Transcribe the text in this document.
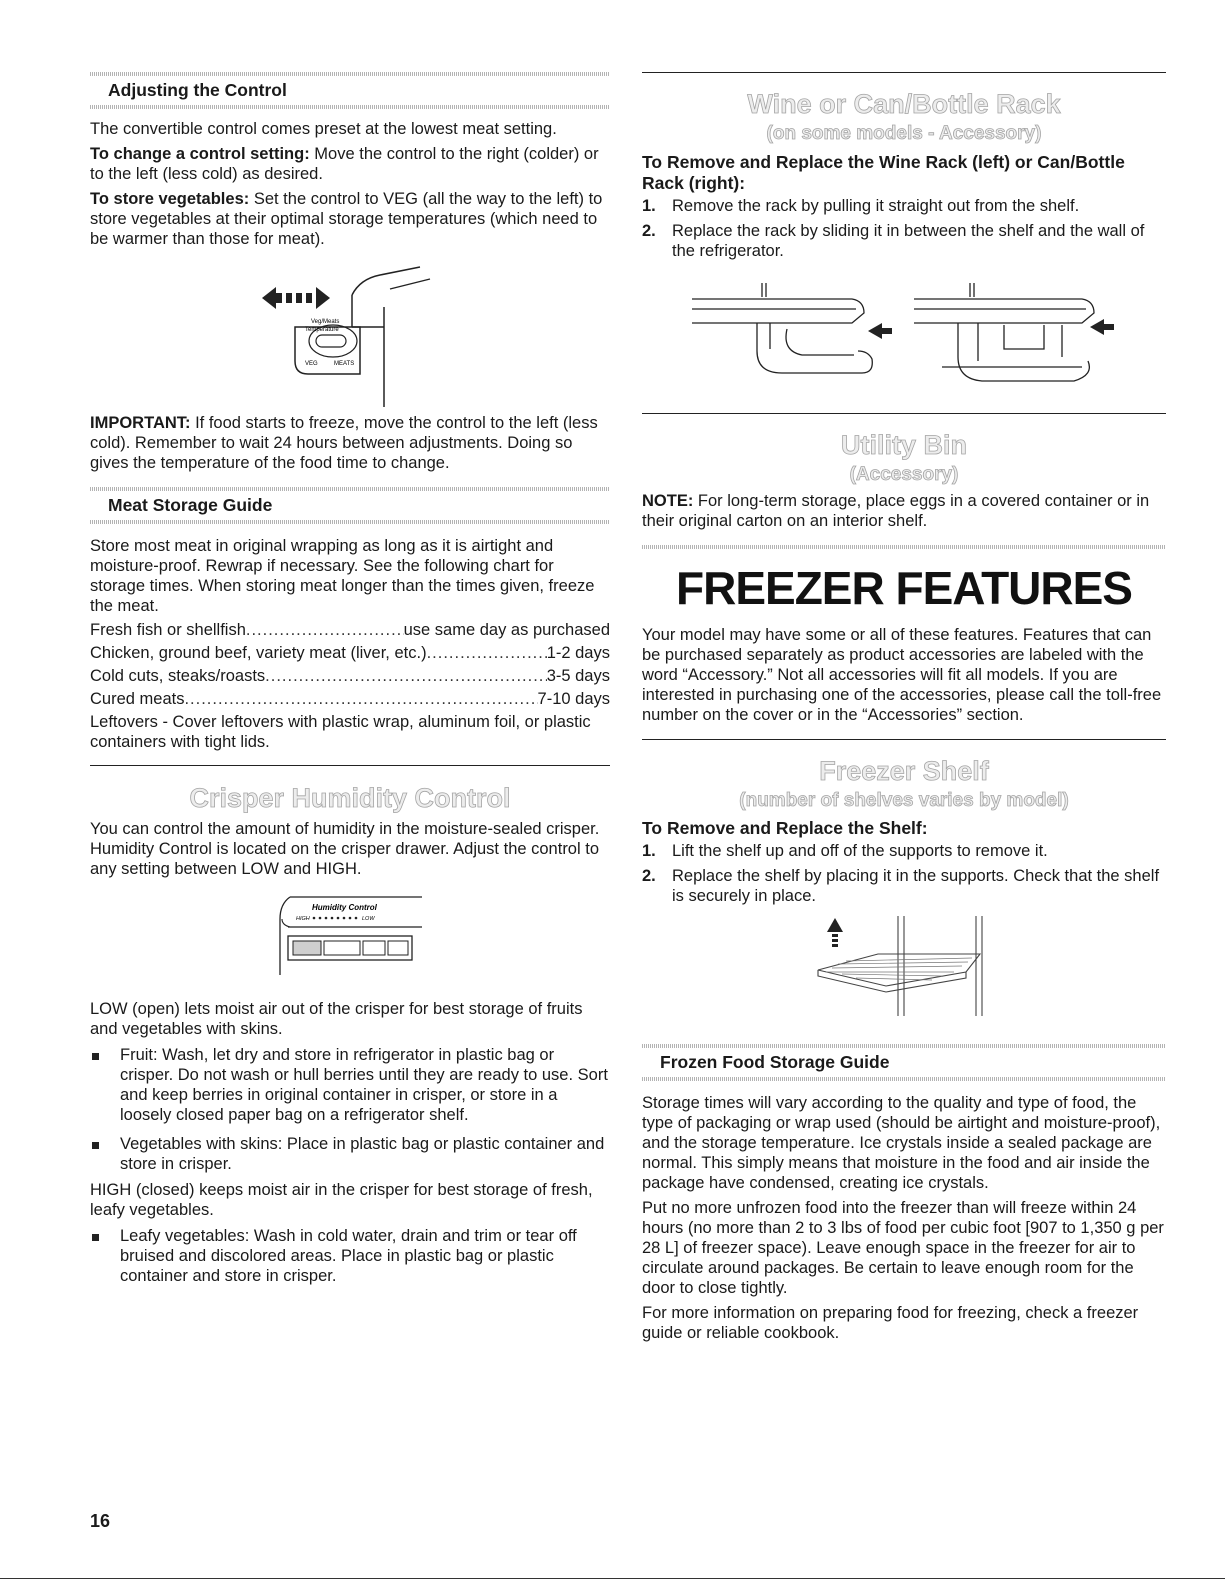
Adjusting the Control

The convertible control comes preset at the lowest meat setting.

To change a control setting: Move the control to the right (colder) or to the left (less cold) as desired.

To store vegetables: Set the control to VEG (all the way to the left) to store vegetables at their optimal storage temperatures (which need to be warmer than those for meat).

Veg/Meats
Temperature
VEG	MEATS

IMPORTANT: If food starts to freeze, move the control to the left (less cold). Remember to wait 24 hours between adjustments. Doing so gives the temperature of the food time to change.

Meat Storage Guide

Store most meat in original wrapping as long as it is airtight and moisture-proof. Rewrap if necessary. See the following chart for storage times. When storing meat longer than the times given, freeze the meat.

Fresh fish or shellfish .....	use same day as purchased
Chicken, ground beef, variety meat (liver, etc.) .....	1-2 days
Cold cuts, steaks/roasts .....	3-5 days
Cured meats .....	7-10 days

Leftovers - Cover leftovers with plastic wrap, aluminum foil, or plastic containers with tight lids.

Crisper Humidity Control

You can control the amount of humidity in the moisture-sealed crisper. Humidity Control is located on the crisper drawer. Adjust the control to any setting between LOW and HIGH.

Humidity Control
HIGH	LOW

LOW (open) lets moist air out of the crisper for best storage of fruits and vegetables with skins.

Fruit: Wash, let dry and store in refrigerator in plastic bag or crisper. Do not wash or hull berries until they are ready to use. Sort and keep berries in original container in crisper, or store in a loosely closed paper bag on a refrigerator shelf.
Vegetables with skins: Place in plastic bag or plastic container and store in crisper.

HIGH (closed) keeps moist air in the crisper for best storage of fresh, leafy vegetables.

Leafy vegetables: Wash in cold water, drain and trim or tear off bruised and discolored areas. Place in plastic bag or plastic container and store in crisper.
Wine or Can/Bottle Rack
(on some models - Accessory)
To Remove and Replace the Wine Rack (left) or Can/Bottle Rack (right):
1. Remove the rack by pulling it straight out from the shelf.
2. Replace the rack by sliding it in between the shelf and the wall of the refrigerator.
Utility Bin
(Accessory)

NOTE: For long-term storage, place eggs in a covered container or in their original carton on an interior shelf.

FREEZER FEATURES

Your model may have some or all of these features. Features that can be purchased separately as product accessories are labeled with the word “Accessory.” Not all accessories will fit all models. If you are interested in purchasing one of the accessories, please call the toll-free number on the cover or in the “Accessories” section.

Freezer Shelf
(number of shelves varies by model)
To Remove and Replace the Shelf:
1. Lift the shelf up and off of the supports to remove it.
2. Replace the shelf by placing it in the supports. Check that the shelf is securely in place.
Frozen Food Storage Guide

Storage times will vary according to the quality and type of food, the type of packaging or wrap used (should be airtight and moisture-proof), and the storage temperature. Ice crystals inside a sealed package are normal. This simply means that moisture in the food and air inside the package have condensed, creating ice crystals.

Put no more unfrozen food into the freezer than will freeze within 24 hours (no more than 2 to 3 lbs of food per cubic foot [907 to 1,350 g per 28 L] of freezer space). Leave enough space in the freezer for air to circulate around packages. Be certain to leave enough room for the door to close tightly.

For more information on preparing food for freezing, check a freezer guide or reliable cookbook.

16
